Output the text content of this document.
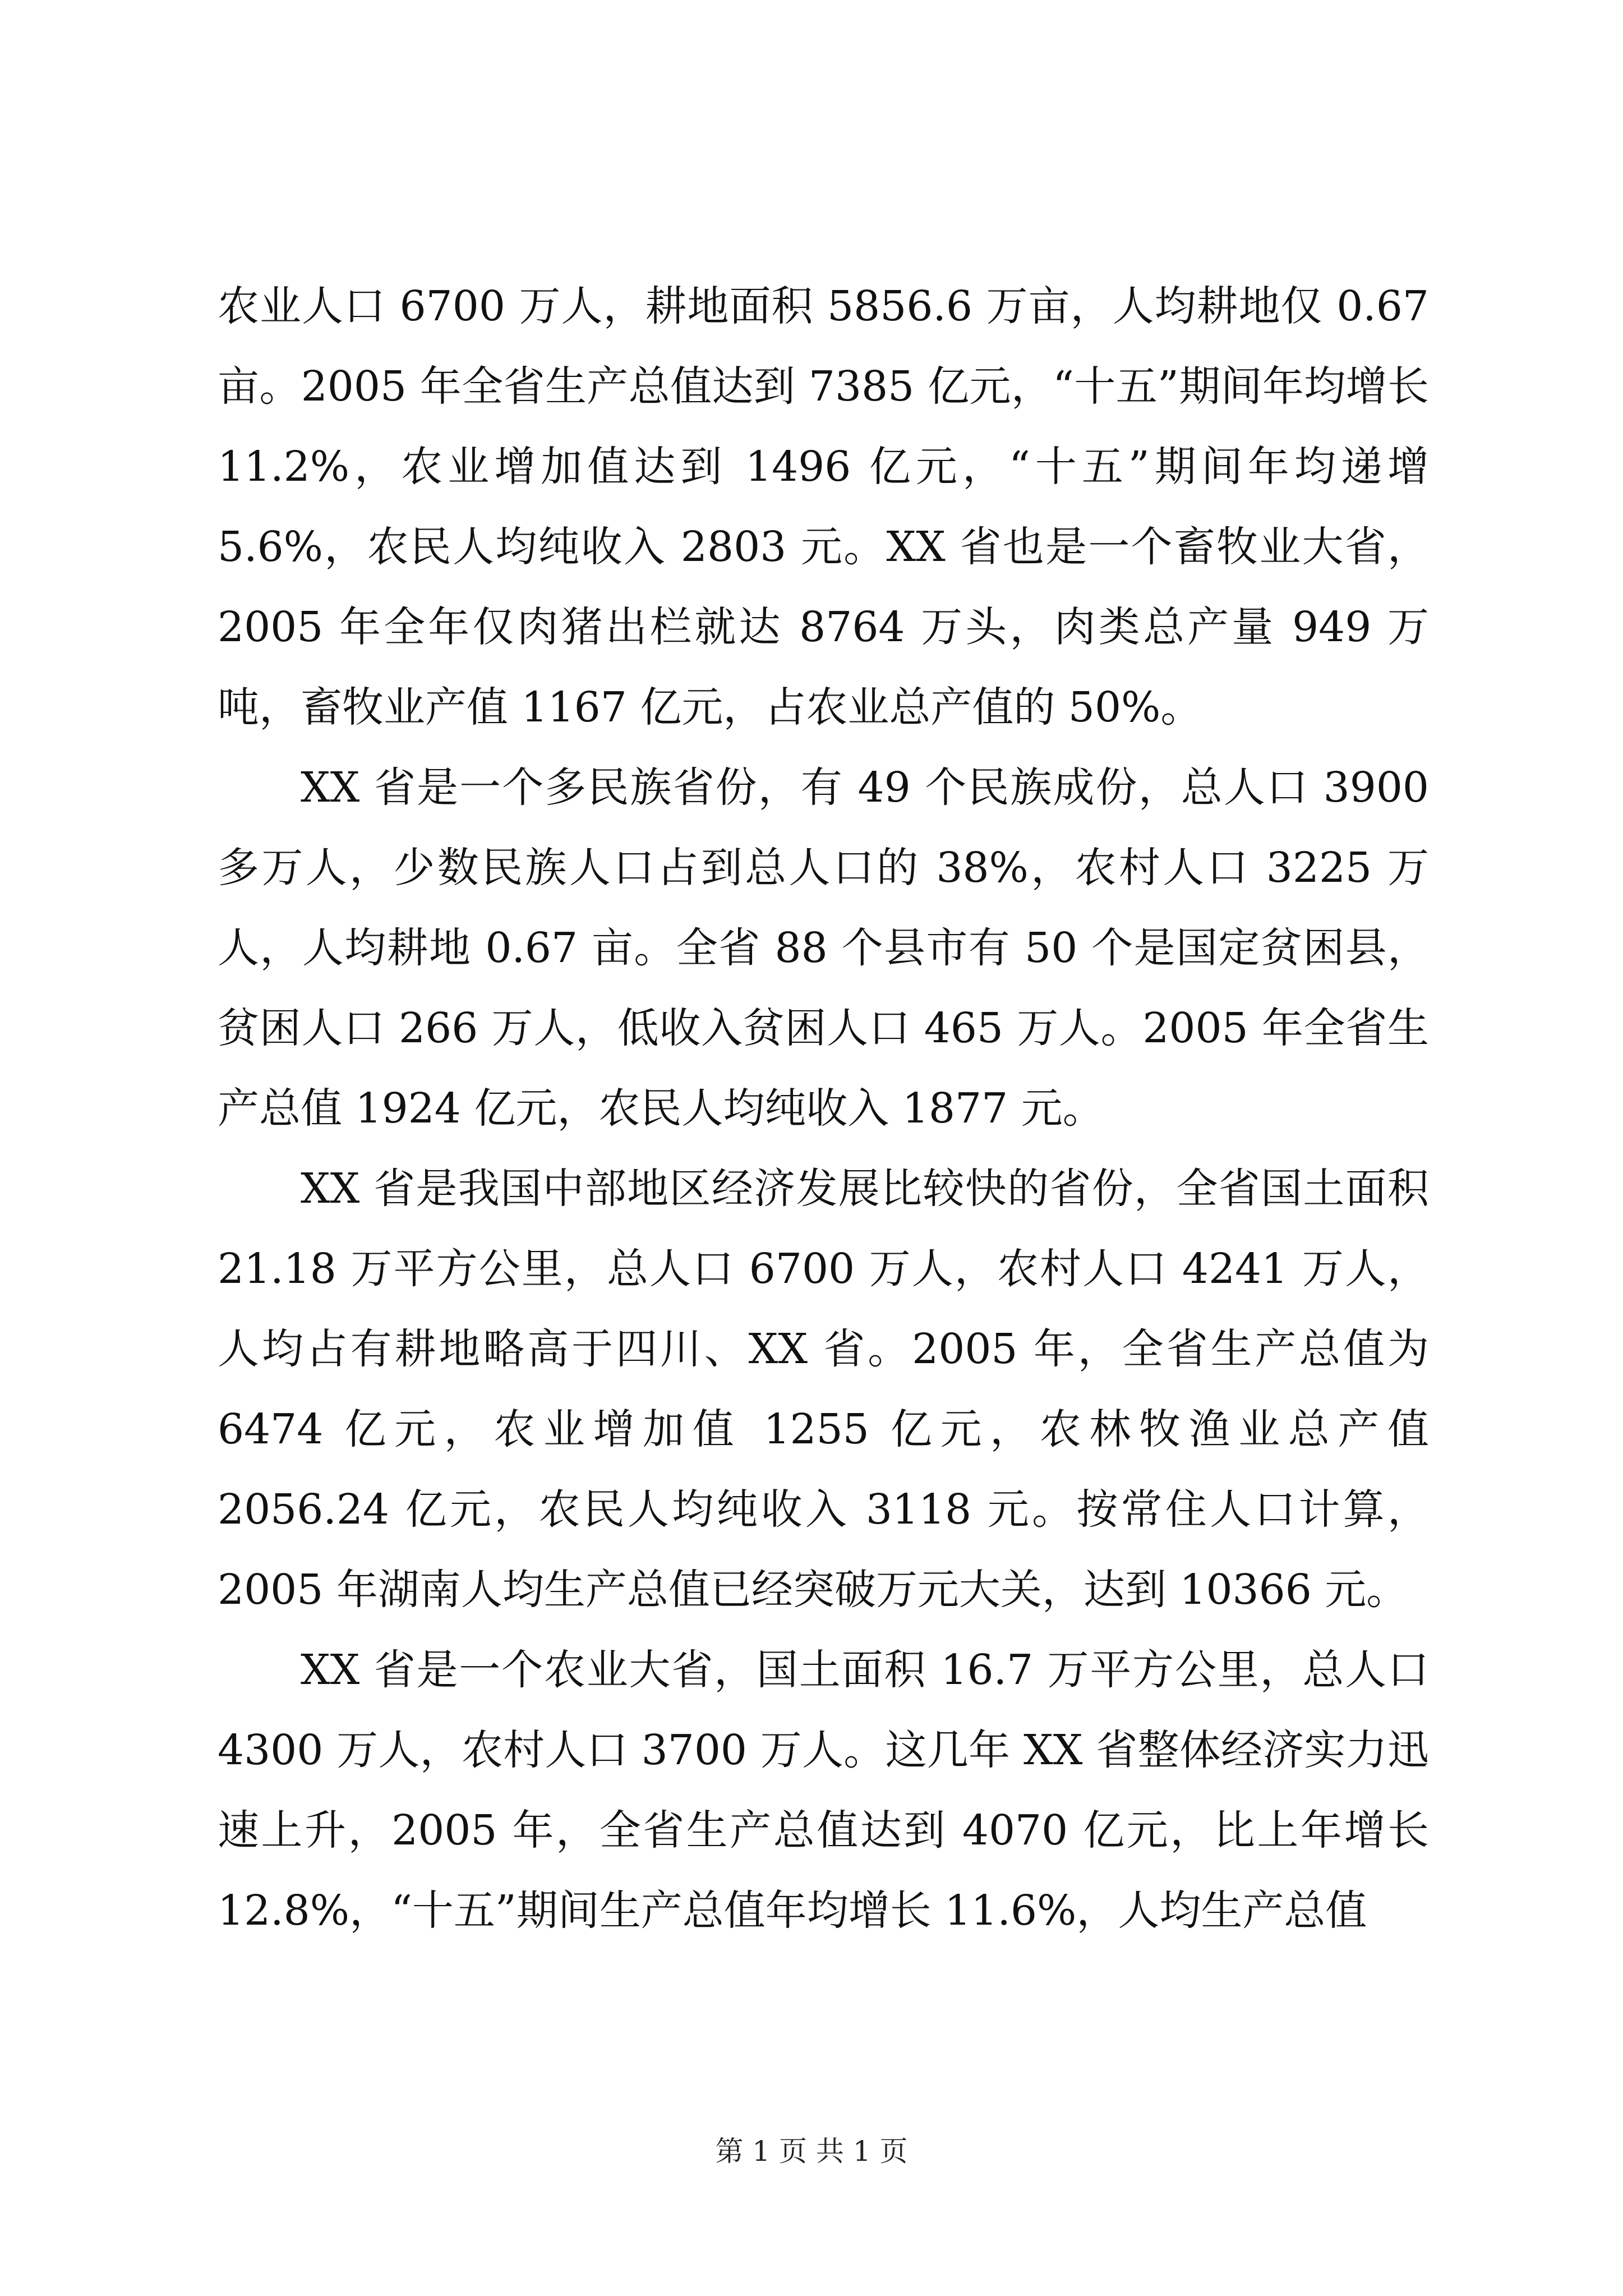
农业人口 6700 万人，耕地面积 5856.6 万亩，人均耕地仅 0.67 亩。2005 年全省生产总值达到 7385 亿元，“十五”期间年均增长 11.2%，农业增加值达到 1496 亿元，“十五”期间年均递增 5.6%，农民人均纯收入 2803 元。XX 省也是一个畜牧业大省，2005 年全年仅肉猪出栏就达 8764 万头，肉类总产量 949 万吨，畜牧业产值 1167 亿元，占农业总产值的 50%。

XX 省是一个多民族省份，有 49 个民族成份，总人口 3900 多万人，少数民族人口占到总人口的 38%，农村人口 3225 万人，人均耕地 0.67 亩。全省 88 个县市有 50 个是国定贫困县，贫困人口 266 万人，低收入贫困人口 465 万人。2005 年全省生产总值 1924 亿元，农民人均纯收入 1877 元。

XX 省是我国中部地区经济发展比较快的省份，全省国土面积 21.18 万平方公里，总人口 6700 万人，农村人口 4241 万人，人均占有耕地略高于四川、XX 省。2005 年，全省生产总值为 6474 亿元，农业增加值 1255 亿元，农林牧渔业总产值 2056.24 亿元，农民人均纯收入 3118 元。按常住人口计算，2005 年湖南人均生产总值已经突破万元大关，达到 10366 元。

XX 省是一个农业大省，国土面积 16.7 万平方公里，总人口 4300 万人，农村人口 3700 万人。这几年 XX 省整体经济实力迅速上升，2005 年，全省生产总值达到 4070 亿元，比上年增长 12.8%，“十五”期间生产总值年均增长 11.6%，人均生产总值

第 1 页 共 1 页
